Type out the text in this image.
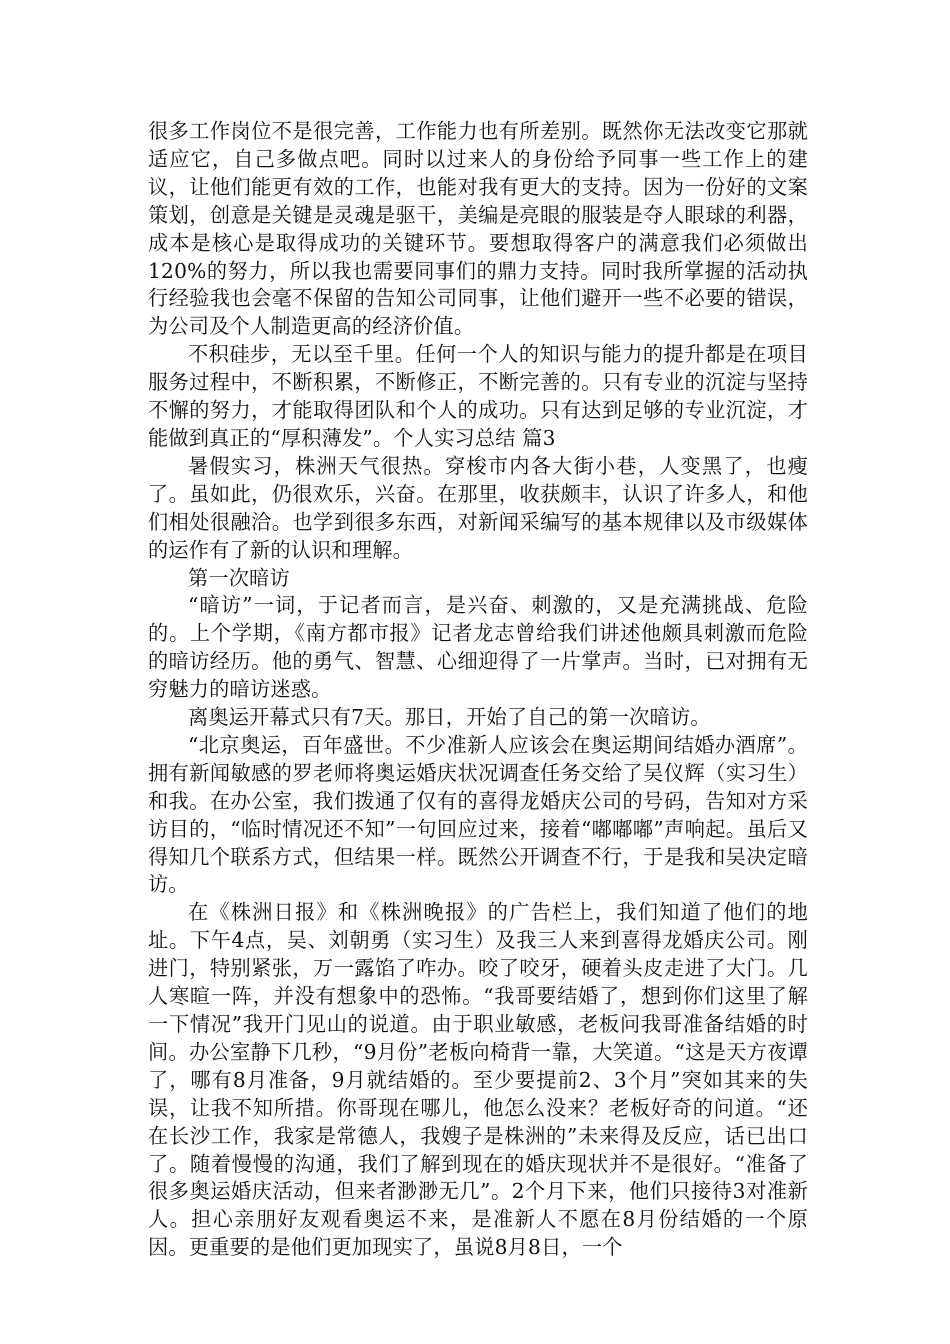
很多工作岗位不是很完善，工作能力也有所差别。既然你无法改变它那就适应它，自己多做点吧。同时以过来人的身份给予同事一些工作上的建议，让他们能更有效的工作，也能对我有更大的支持。因为一份好的文案策划，创意是关键是灵魂是驱干，美编是亮眼的服装是夺人眼球的利器，成本是核心是取得成功的关键环节。要想取得客户的满意我们必须做出120%的努力，所以我也需要同事们的鼎力支持。同时我所掌握的活动执行经验我也会毫不保留的告知公司同事，让他们避开一些不必要的错误，为公司及个人制造更高的经济价值。

不积硅步，无以至千里。任何一个人的知识与能力的提升都是在项目服务过程中，不断积累，不断修正，不断完善的。只有专业的沉淀与坚持不懈的努力，才能取得团队和个人的成功。只有达到足够的专业沉淀，才能做到真正的“厚积薄发”。个人实习总结 篇3

暑假实习，株洲天气很热。穿梭市内各大街小巷，人变黑了，也瘦了。虽如此，仍很欢乐，兴奋。在那里，收获颇丰，认识了许多人，和他们相处很融洽。也学到很多东西，对新闻采编写的基本规律以及市级媒体的运作有了新的认识和理解。

第一次暗访

“暗访”一词，于记者而言，是兴奋、刺激的，又是充满挑战、危险的。上个学期，《南方都市报》记者龙志曾给我们讲述他颇具刺激而危险的暗访经历。他的勇气、智慧、心细迎得了一片掌声。当时，已对拥有无穷魅力的暗访迷惑。

离奥运开幕式只有7天。那日，开始了自己的第一次暗访。

“北京奥运，百年盛世。不少准新人应该会在奥运期间结婚办酒席”。拥有新闻敏感的罗老师将奥运婚庆状况调查任务交给了吴仪辉（实习生）和我。在办公室，我们拨通了仅有的喜得龙婚庆公司的号码，告知对方采访目的，“临时情况还不知”一句回应过来，接着“嘟嘟嘟”声响起。虽后又得知几个联系方式，但结果一样。既然公开调查不行，于是我和吴决定暗访。

在《株洲日报》和《株洲晚报》的广告栏上，我们知道了他们的地址。下午4点，吴、刘朝勇（实习生）及我三人来到喜得龙婚庆公司。刚进门，特别紧张，万一露馅了咋办。咬了咬牙，硬着头皮走进了大门。几人寒暄一阵，并没有想象中的恐怖。“我哥要结婚了，想到你们这里了解一下情况”我开门见山的说道。由于职业敏感，老板问我哥准备结婚的时间。办公室静下几秒，“9月份”老板向椅背一靠，大笑道。“这是天方夜谭了，哪有8月准备，9月就结婚的。至少要提前2、3个月”突如其来的失误，让我不知所措。你哥现在哪儿，他怎么没来？老板好奇的问道。“还在长沙工作，我家是常德人，我嫂子是株洲的”未来得及反应，话已出口了。随着慢慢的沟通，我们了解到现在的婚庆现状并不是很好。“准备了很多奥运婚庆活动，但来者渺渺无几”。2个月下来，他们只接待3对准新人。担心亲朋好友观看奥运不来，是准新人不愿在8月份结婚的一个原因。更重要的是他们更加现实了，虽说8月8日，一个
